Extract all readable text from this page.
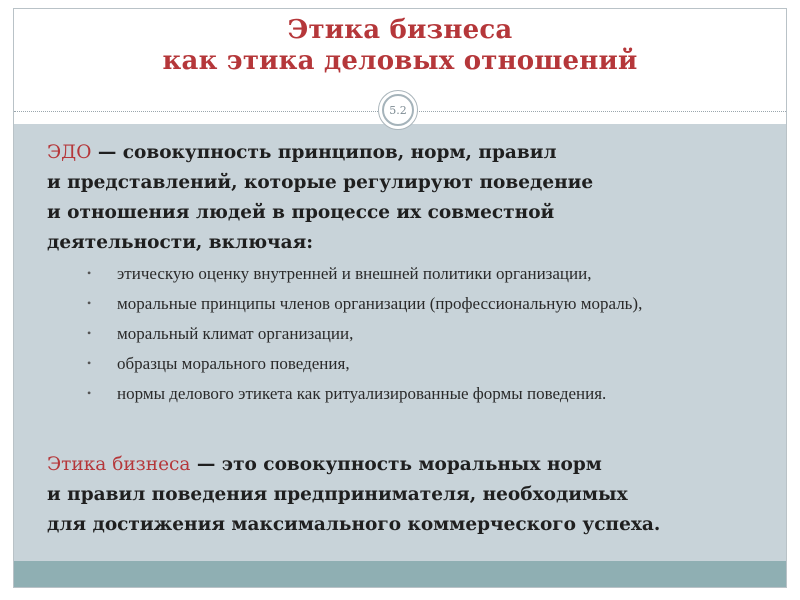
Этика бизнеса
как этика деловых отношений
5.2
ЭДО — совокупность принципов, норм, правил
и представлений, которые регулируют поведение
и отношения людей в процессе их совместной
деятельности, включая:
• этическую оценку внутренней и внешней политики организации,
• моральные принципы членов организации (профессиональную мораль),
• моральный климат организации,
• образцы морального поведения,
• нормы делового этикета как ритуализированные формы поведения.
Этика бизнеса — это совокупность моральных норм
и правил поведения предпринимателя, необходимых
для достижения максимального коммерческого успеха.
